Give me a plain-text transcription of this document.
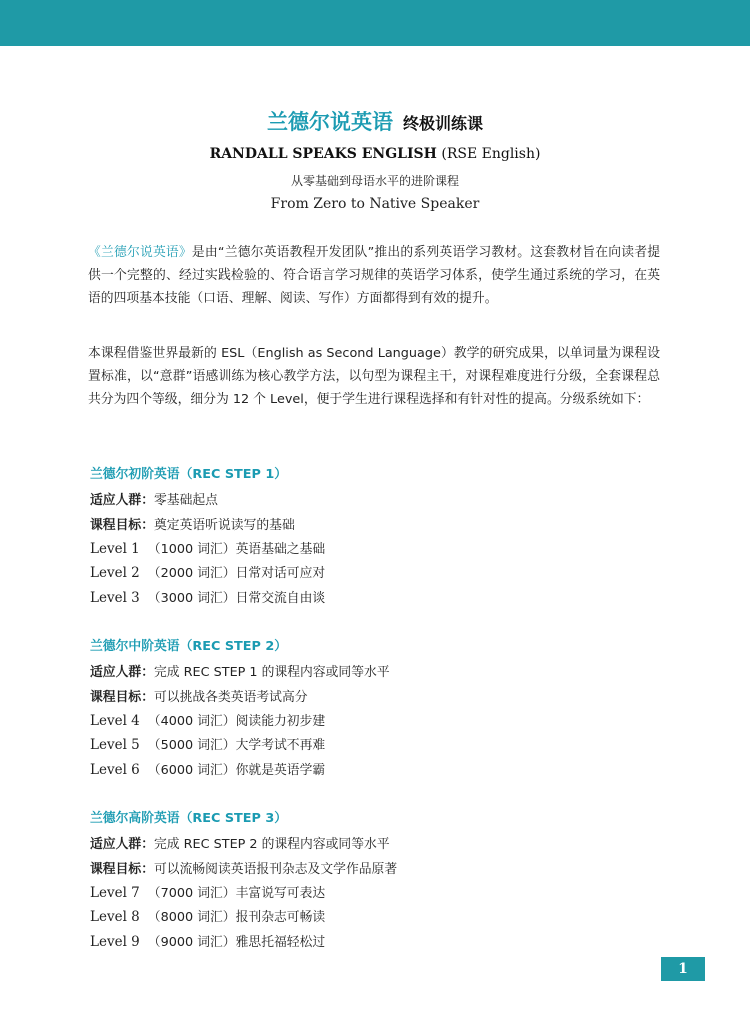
兰德尔说英语 终极训练课
RANDALL SPEAKS ENGLISH (RSE English)
从零基础到母语水平的进阶课程
From Zero to Native Speaker

《兰德尔说英语》是由“兰德尔英语教程开发团队”推出的系列英语学习教材。这套教材旨在向读者提供一个完整的、经过实践检验的、符合语言学习规律的英语学习体系，使学生通过系统的学习，在英语的四项基本技能（口语、理解、阅读、写作）方面都得到有效的提升。

本课程借鉴世界最新的 ESL（English as Second Language）教学的研究成果，以单词量为课程设置标准，以“意群”语感训练为核心教学方法，以句型为课程主干，对课程难度进行分级，全套课程总共分为四个等级，细分为 12 个 Level，便于学生进行课程选择和有针对性的提高。分级系统如下：

兰德尔初阶英语（REC STEP 1）

适应人群：零基础起点

课程目标：奠定英语听说读写的基础

Level 1 （1000 词汇）英语基础之基础

Level 2 （2000 词汇）日常对话可应对

Level 3 （3000 词汇）日常交流自由谈

兰德尔中阶英语（REC STEP 2）

适应人群：完成 REC STEP 1 的课程内容或同等水平

课程目标：可以挑战各类英语考试高分

Level 4 （4000 词汇）阅读能力初步建

Level 5 （5000 词汇）大学考试不再难

Level 6 （6000 词汇）你就是英语学霸

兰德尔高阶英语（REC STEP 3）

适应人群：完成 REC STEP 2 的课程内容或同等水平

课程目标：可以流畅阅读英语报刊杂志及文学作品原著

Level 7 （7000 词汇）丰富说写可表达

Level 8 （8000 词汇）报刊杂志可畅读

Level 9 （9000 词汇）雅思托福轻松过

1
